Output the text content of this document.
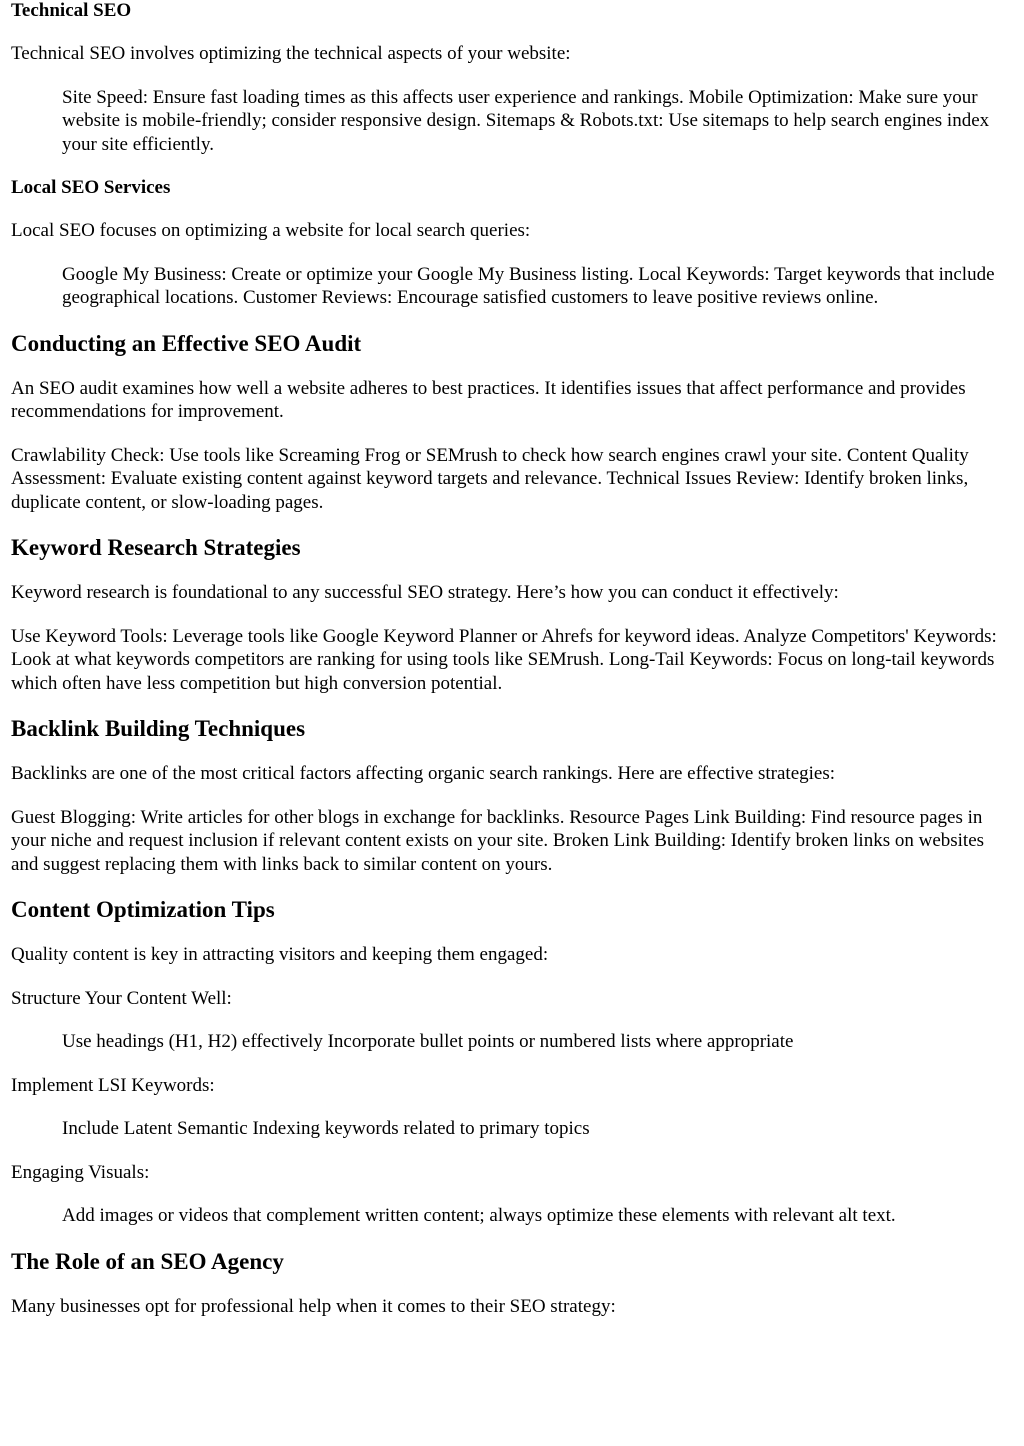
Technical SEO

Technical SEO involves optimizing the technical aspects of your website:

Site Speed: Ensure fast loading times as this affects user experience and rankings. Mobile Optimization: Make sure your website is mobile-friendly; consider responsive design. Sitemaps & Robots.txt: Use sitemaps to help search engines index your site efficiently.
Local SEO Services

Local SEO focuses on optimizing a website for local search queries:

Google My Business: Create or optimize your Google My Business listing. Local Keywords: Target keywords that include geographical locations. Customer Reviews: Encourage satisfied customers to leave positive reviews online.
Conducting an Effective SEO Audit

An SEO audit examines how well a website adheres to best practices. It identifies issues that affect performance and provides recommendations for improvement.

Crawlability Check: Use tools like Screaming Frog or SEMrush to check how search engines crawl your site. Content Quality Assessment: Evaluate existing content against keyword targets and relevance. Technical Issues Review: Identify broken links, duplicate content, or slow-loading pages.

Keyword Research Strategies

Keyword research is foundational to any successful SEO strategy. Here’s how you can conduct it effectively:

Use Keyword Tools: Leverage tools like Google Keyword Planner or Ahrefs for keyword ideas. Analyze Competitors' Keywords: Look at what keywords competitors are ranking for using tools like SEMrush. Long-Tail Keywords: Focus on long-tail keywords which often have less competition but high conversion potential.

Backlink Building Techniques

Backlinks are one of the most critical factors affecting organic search rankings. Here are effective strategies:

Guest Blogging: Write articles for other blogs in exchange for backlinks. Resource Pages Link Building: Find resource pages in your niche and request inclusion if relevant content exists on your site. Broken Link Building: Identify broken links on websites and suggest replacing them with links back to similar content on yours.

Content Optimization Tips

Quality content is key in attracting visitors and keeping them engaged:

Structure Your Content Well:

Use headings (H1, H2) effectively Incorporate bullet points or numbered lists where appropriate

Implement LSI Keywords:

Include Latent Semantic Indexing keywords related to primary topics

Engaging Visuals:

Add images or videos that complement written content; always optimize these elements with relevant alt text.
The Role of an SEO Agency

Many businesses opt for professional help when it comes to their SEO strategy:
